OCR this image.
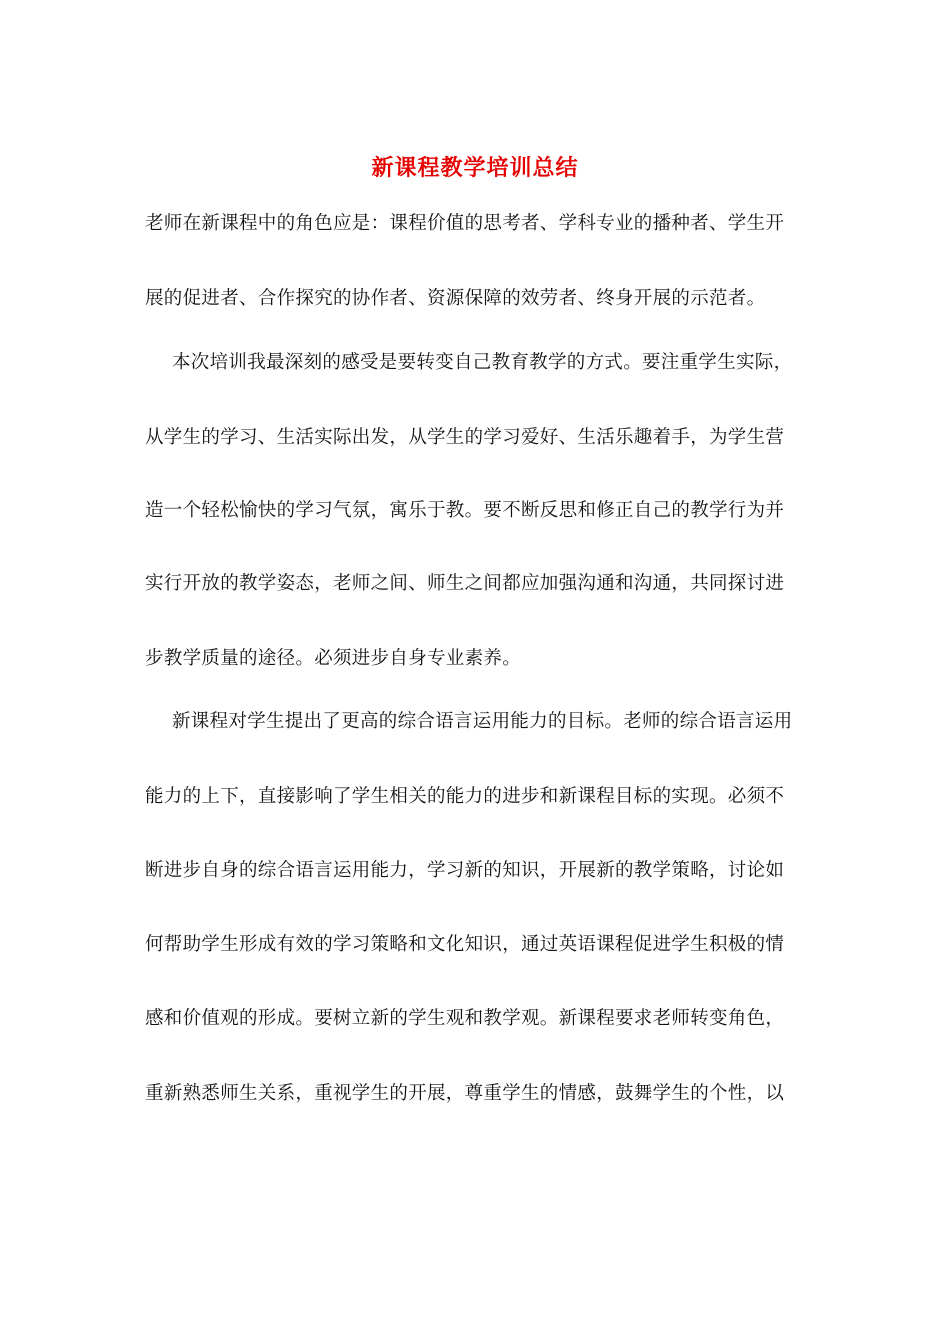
新课程教学培训总结
老师在新课程中的角色应是：课程价值的思考者、学科专业的播种者、学生开
展的促进者、合作探究的协作者、资源保障的效劳者、终身开展的示范者。
本次培训我最深刻的感受是要转变自己教育教学的方式。要注重学生实际，
从学生的学习、生活实际出发，从学生的学习爱好、生活乐趣着手，为学生营
造一个轻松愉快的学习气氛，寓乐于教。要不断反思和修正自己的教学行为并
实行开放的教学姿态，老师之间、师生之间都应加强沟通和沟通，共同探讨进
步教学质量的途径。必须进步自身专业素养。
新课程对学生提出了更高的综合语言运用能力的目标。老师的综合语言运用
能力的上下，直接影响了学生相关的能力的进步和新课程目标的实现。必须不
断进步自身的综合语言运用能力，学习新的知识，开展新的教学策略，讨论如
何帮助学生形成有效的学习策略和文化知识，通过英语课程促进学生积极的情
感和价值观的形成。要树立新的学生观和教学观。新课程要求老师转变角色，
重新熟悉师生关系，重视学生的开展，尊重学生的情感，鼓舞学生的个性，以
